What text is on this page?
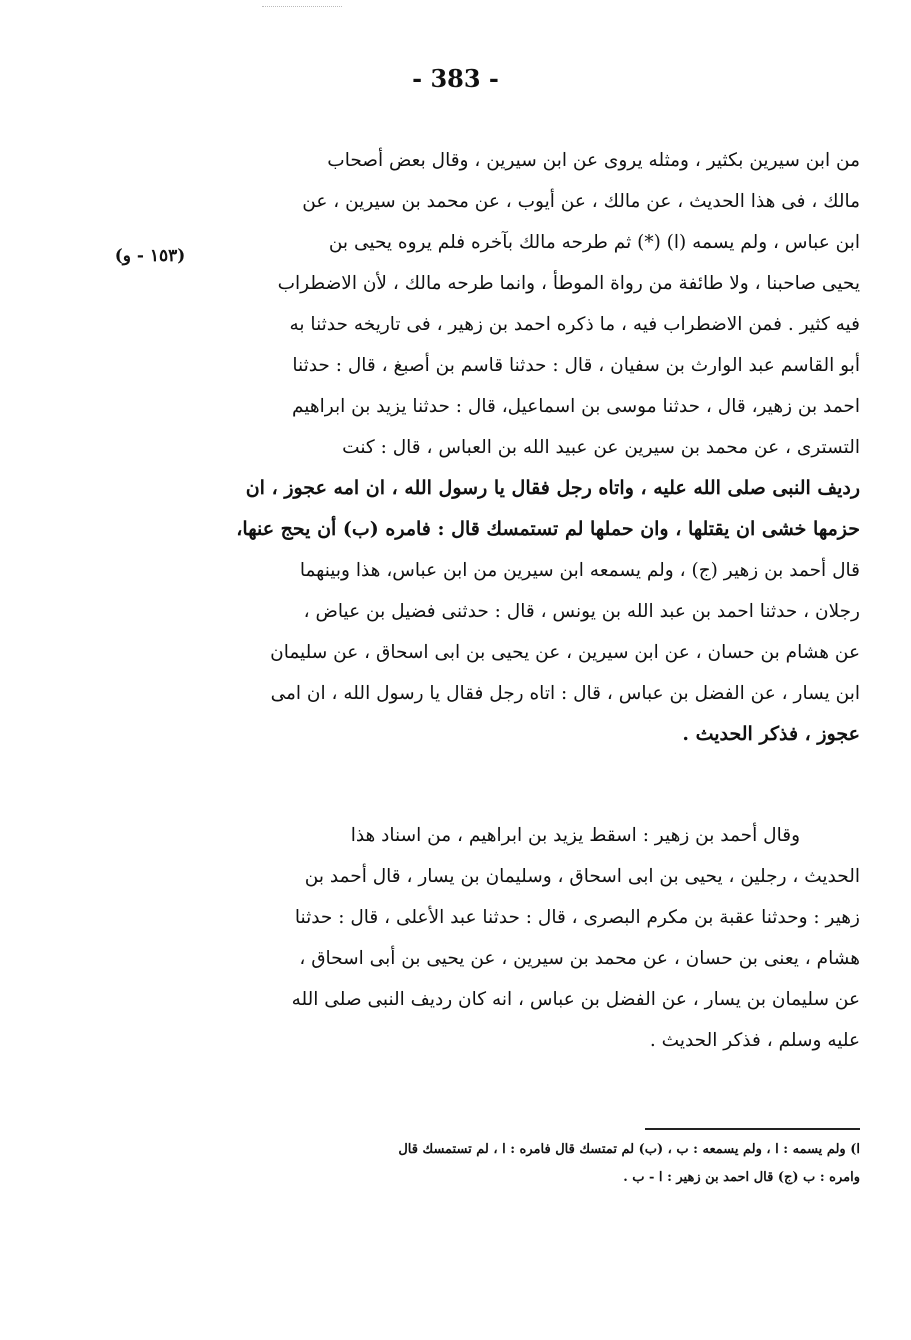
- 383 -
(١٥٣ - و)
من ابن سيرين بكثير ، ومثله يروى عن ابن سيرين ، وقال بعض أصحاب
مالك ، فى هذا الحديث ، عن مالك ، عن أيوب ، عن محمد بن سيرين ، عن
ابن عباس ، ولم يسمه (ا) (*) ثم طرحه مالك بآخره فلم يروه يحيى بن
يحيى صاحبنا ، ولا طائفة من رواة الموطأ ، وانما طرحه مالك ، لأن الاضطراب
فيه كثير . فمن الاضطراب فيه ، ما ذكره احمد بن زهير ، فى تاريخه حدثنا به
أبو القاسم عبد الوارث بن سفيان ، قال : حدثنا قاسم بن أصبغ ، قال : حدثنا
احمد بن زهير، قال ، حدثنا موسى بن اسماعيل، قال : حدثنا يزيد بن ابراهيم
التسترى ، عن محمد بن سيرين عن عبيد الله بن العباس ، قال : كنت
رديف النبى صلى الله عليه ، واتاه رجل فقال يا رسول الله ، ان امه عجوز ، ان
حزمها خشى ان يقتلها ، وان حملها لم تستمسك قال : فامره (ب) أن يحج عنها،
قال أحمد بن زهير (ج) ، ولم يسمعه ابن سيرين من ابن عباس، هذا وبينهما
رجلان ، حدثنا احمد بن عبد الله بن يونس ، قال : حدثنى فضيل بن عياض ،
عن هشام بن حسان ، عن ابن سيرين ، عن يحيى بن ابى اسحاق ، عن سليمان
ابن يسار ، عن الفضل بن عباس ، قال : اتاه رجل فقال يا رسول الله ، ان امى
عجوز ، فذكر الحديث .
وقال أحمد بن زهير : اسقط يزيد بن ابراهيم ، من اسناد هذا
الحديث ، رجلين ، يحيى بن ابى اسحاق ، وسليمان بن يسار ، قال أحمد بن
زهير : وحدثنا عقبة بن مكرم البصرى ، قال : حدثنا عبد الأعلى ، قال : حدثنا
هشام ، يعنى بن حسان ، عن محمد بن سيرين ، عن يحيى بن أبى اسحاق ،
عن سليمان بن يسار ، عن الفضل بن عباس ، انه كان رديف النبى صلى الله
عليه وسلم ، فذكر الحديث .
ا) ولم يسمه : ا ، ولم يسمعه : ب ، (ب) لم تمتسك قال فامره : ا ، لم تستمسك قال
وامره : ب (ج) قال احمد بن زهير : ا - ب .
